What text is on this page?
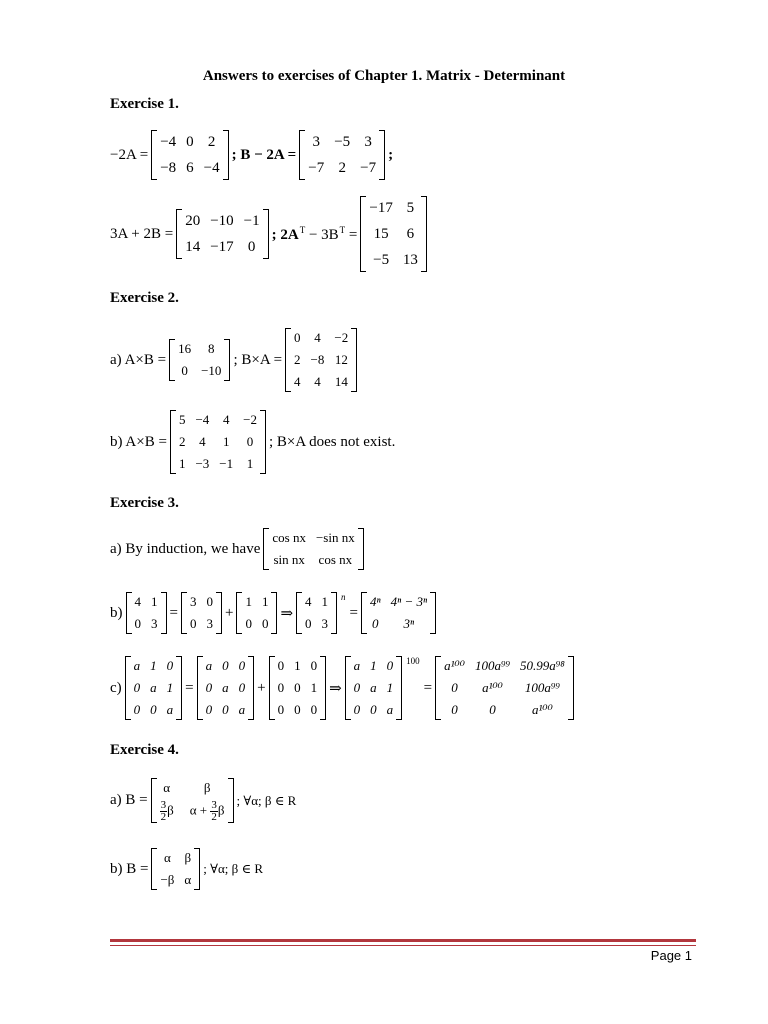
Answers to exercises of Chapter 1. Matrix - Determinant
Exercise 1.
−2A =
−4 0 2
−8 6 −4
; B − 2A =
3 −5 3
−7 2 −7
;
3A + 2B =
20 −10 −1
14 −17 0
; $2A^T - 3B^T$ =
−17 5
15 6
−5 13
Exercise 2.
a) A×B =
16	8
0 −10
; B×A =
0 4 −2
2 −8 12
4 4 14
b) A×B =
5 −4 4 −2
2 4 1 0
1 −3 −1 1
; B×A does not exist.
Exercise 3.
a) By induction, we have
cos nx −sin nx
sin nx cos nx
b)
4 1
0 3
=
3 0
0 3
+
1 1
0 0
⇒
4 1
0 3
n
=
4ⁿ 4ⁿ − 3ⁿ
0	3ⁿ
c)
a 1 0
0 a 1
0 0 a
=
a 0 0
0 a 0
0 0 a
+
0 1 0
0 0 1
0 0 0
⇒
a 1 0
0 a 1
0 0 a
100
=
a¹⁰⁰ 100a⁹⁹ 50.99a⁹⁸
0	a¹⁰⁰	100a⁹⁹
0	0	a¹⁰⁰
Exercise 4.
a) B =
α	β
$\frac{3}{2}$ β $\alpha + \frac{3}{2}$ β
; ∀α; β ∈ R
b) B =
α β
−β α
; ∀α; β ∈ R
Page 1
